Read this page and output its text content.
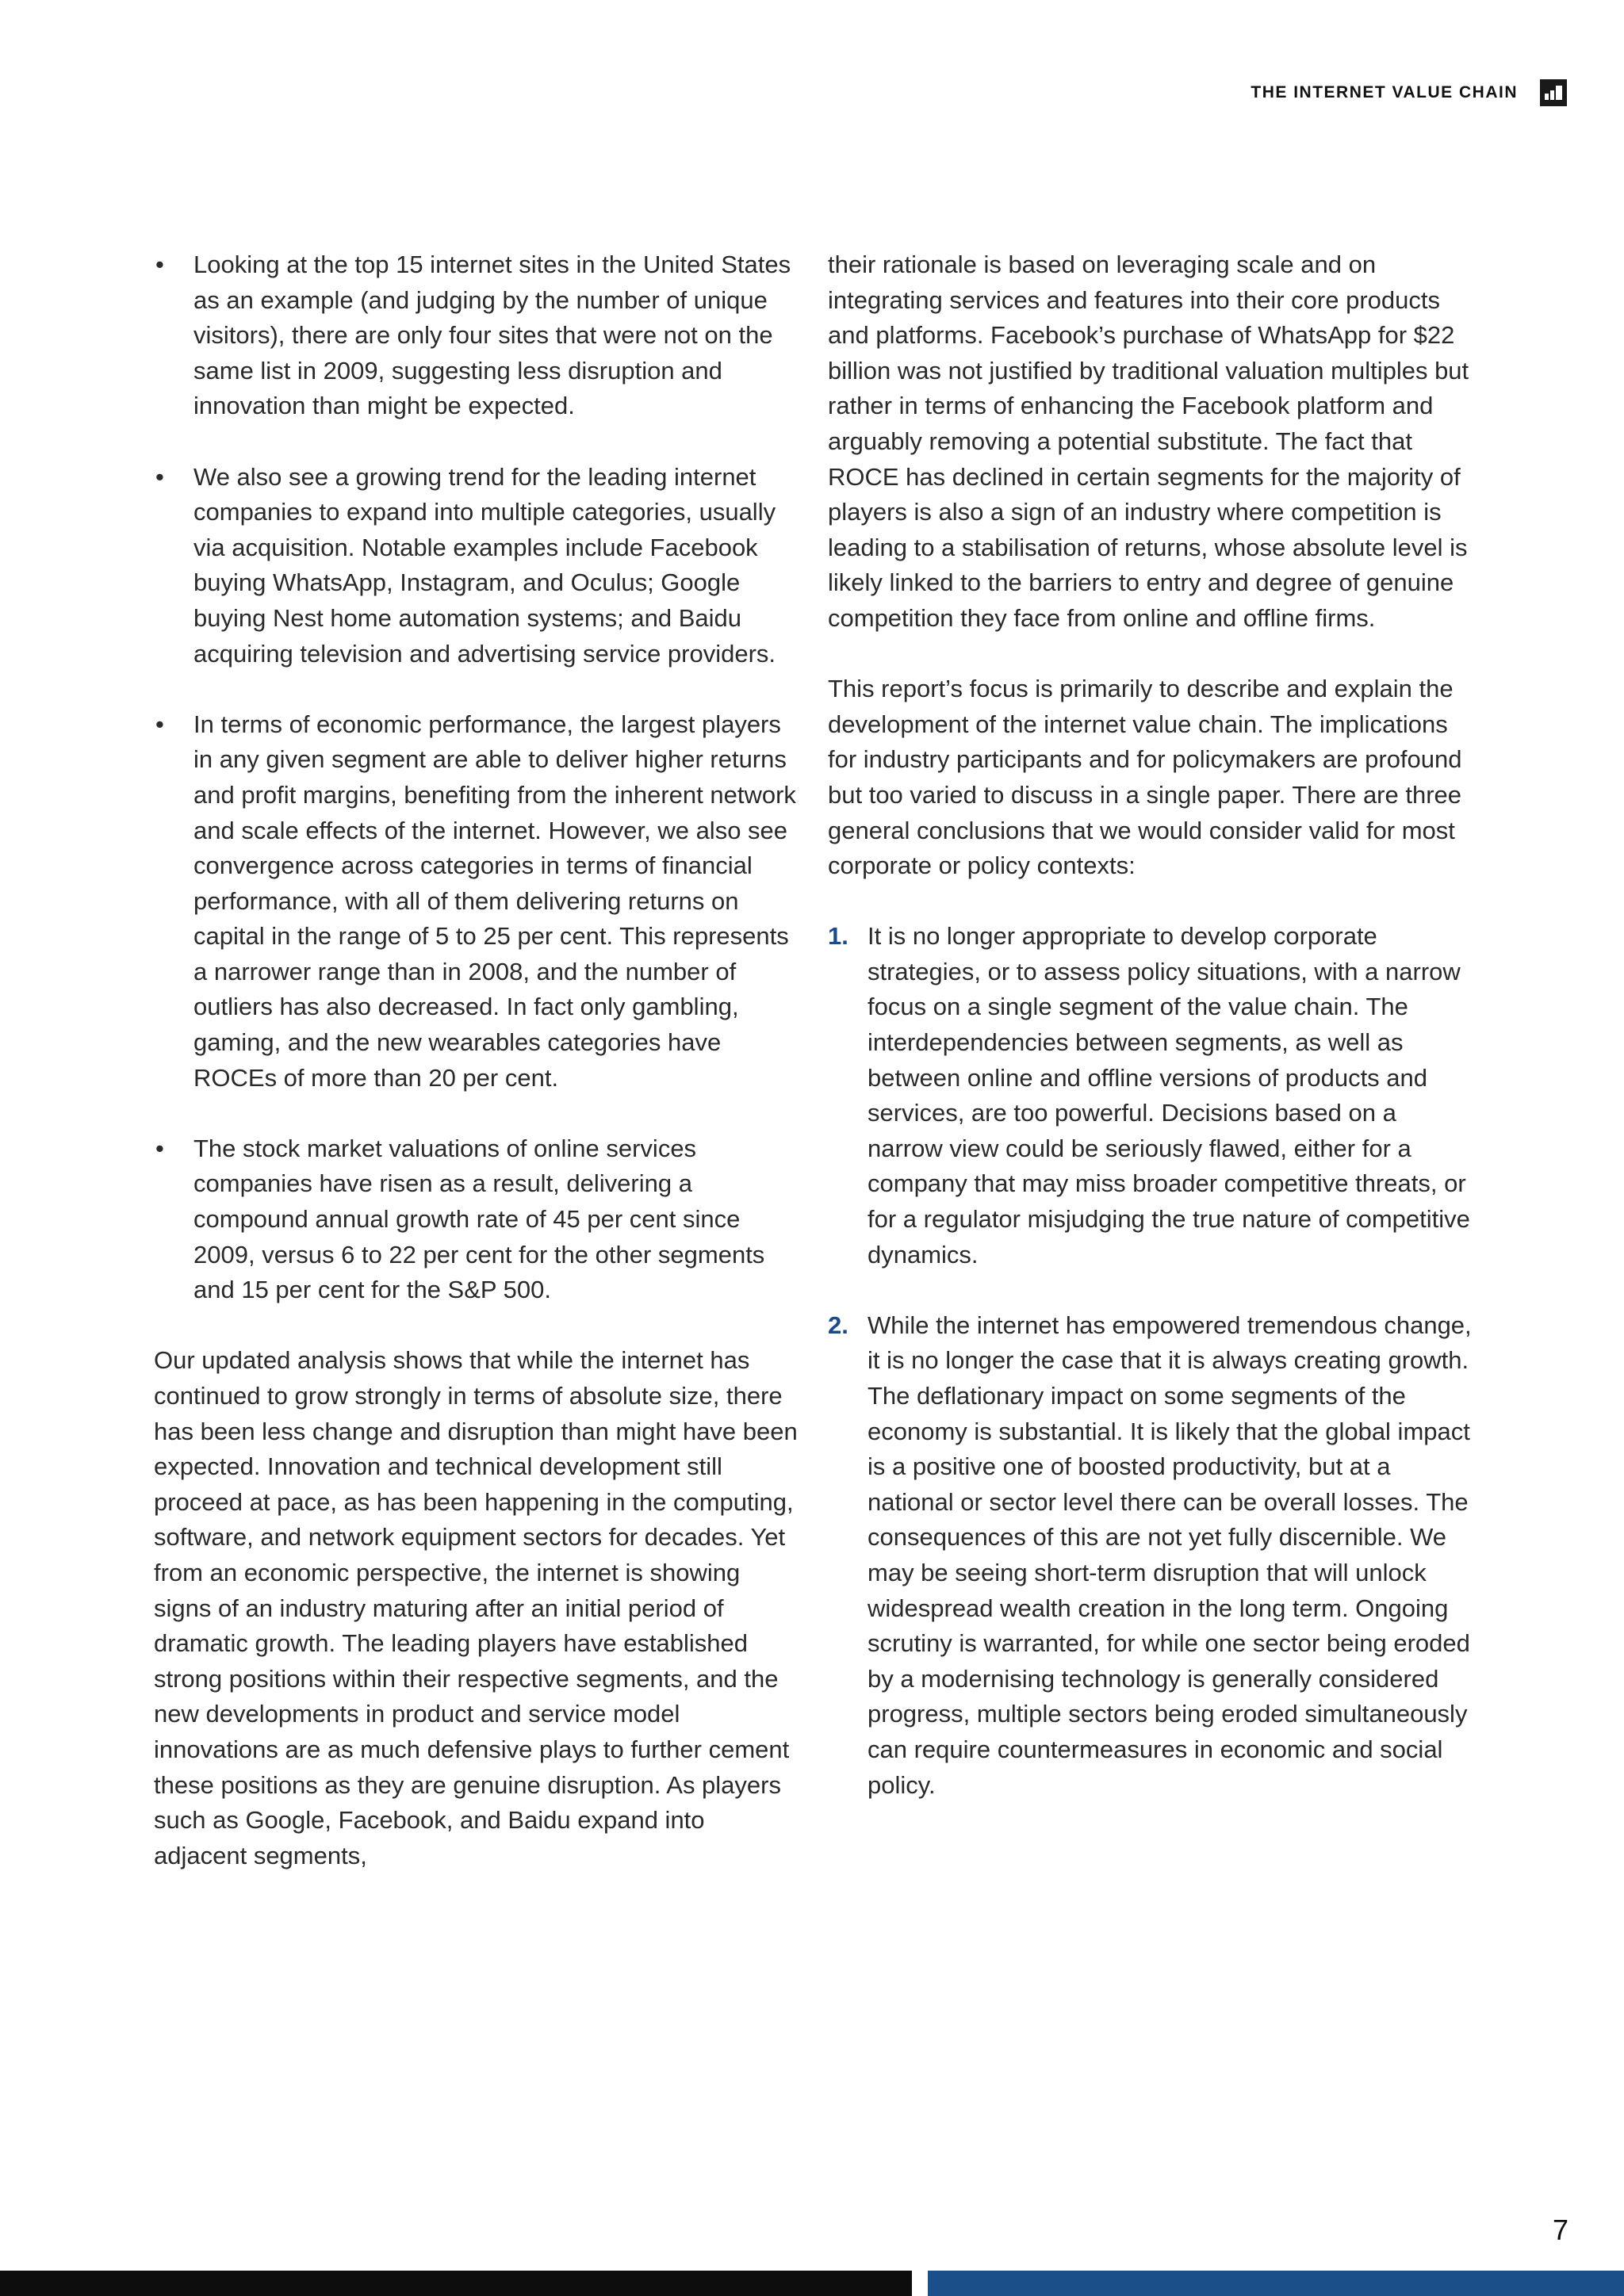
THE INTERNET VALUE CHAIN
• Looking at the top 15 internet sites in the United States as an example (and judging by the number of unique visitors), there are only four sites that were not on the same list in 2009, suggesting less disruption and innovation than might be expected.
• We also see a growing trend for the leading internet companies to expand into multiple categories, usually via acquisition. Notable examples include Facebook buying WhatsApp, Instagram, and Oculus; Google buying Nest home automation systems; and Baidu acquiring television and advertising service providers.
• In terms of economic performance, the largest players in any given segment are able to deliver higher returns and profit margins, benefiting from the inherent network and scale effects of the internet. However, we also see convergence across categories in terms of financial performance, with all of them delivering returns on capital in the range of 5 to 25 per cent. This represents a narrower range than in 2008, and the number of outliers has also decreased. In fact only gambling, gaming, and the new wearables categories have ROCEs of more than 20 per cent.
• The stock market valuations of online services companies have risen as a result, delivering a compound annual growth rate of 45 per cent since 2009, versus 6 to 22 per cent for the other segments and 15 per cent for the S&P 500.

Our updated analysis shows that while the internet has continued to grow strongly in terms of absolute size, there has been less change and disruption than might have been expected. Innovation and technical development still proceed at pace, as has been happening in the computing, software, and network equipment sectors for decades. Yet from an economic perspective, the internet is showing signs of an industry maturing after an initial period of dramatic growth. The leading players have established strong positions within their respective segments, and the new developments in product and service model innovations are as much defensive plays to further cement these positions as they are genuine disruption. As players such as Google, Facebook, and Baidu expand into adjacent segments,

their rationale is based on leveraging scale and on integrating services and features into their core products and platforms. Facebook’s purchase of WhatsApp for $22 billion was not justified by traditional valuation multiples but rather in terms of enhancing the Facebook platform and arguably removing a potential substitute. The fact that ROCE has declined in certain segments for the majority of players is also a sign of an industry where competition is leading to a stabilisation of returns, whose absolute level is likely linked to the barriers to entry and degree of genuine competition they face from online and offline firms.

This report’s focus is primarily to describe and explain the development of the internet value chain. The implications for industry participants and for policymakers are profound but too varied to discuss in a single paper. There are three general conclusions that we would consider valid for most corporate or policy contexts:

1. It is no longer appropriate to develop corporate strategies, or to assess policy situations, with a narrow focus on a single segment of the value chain. The interdependencies between segments, as well as between online and offline versions of products and services, are too powerful. Decisions based on a narrow view could be seriously flawed, either for a company that may miss broader competitive threats, or for a regulator misjudging the true nature of competitive dynamics.
2. While the internet has empowered tremendous change, it is no longer the case that it is always creating growth. The deflationary impact on some segments of the economy is substantial. It is likely that the global impact is a positive one of boosted productivity, but at a national or sector level there can be overall losses. The consequences of this are not yet fully discernible. We may be seeing short-term disruption that will unlock widespread wealth creation in the long term. Ongoing scrutiny is warranted, for while one sector being eroded by a modernising technology is generally considered progress, multiple sectors being eroded simultaneously can require countermeasures in economic and social policy.
7
